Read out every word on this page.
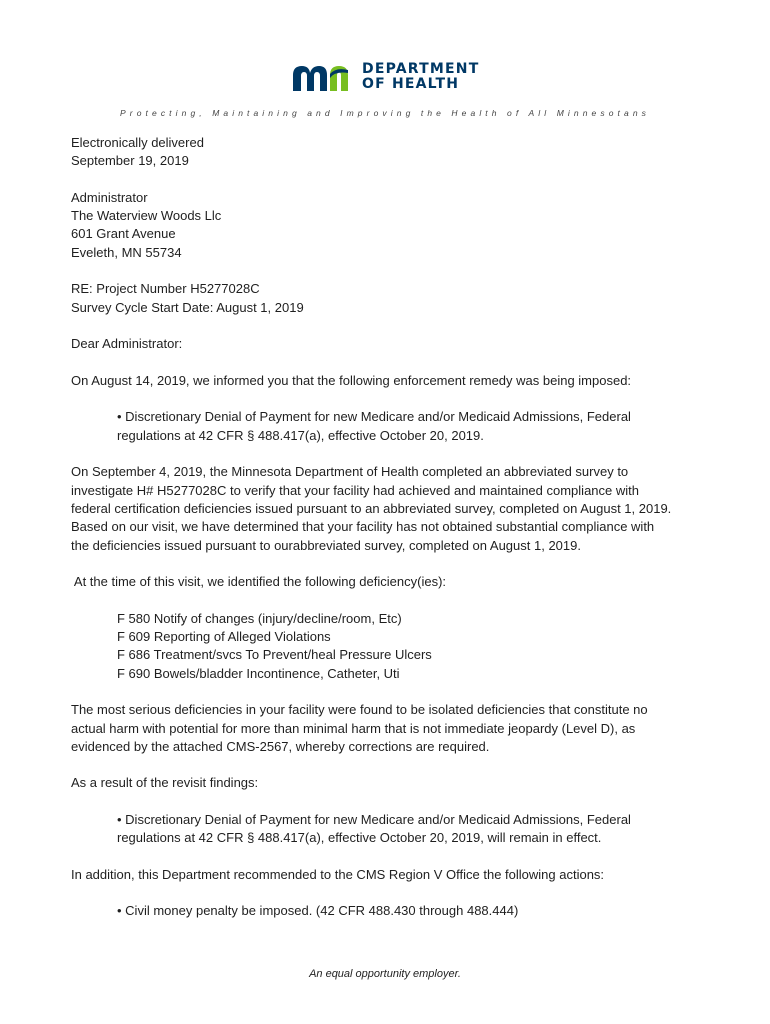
DEPARTMENT
OF HEALTH
Protecting, Maintaining and Improving the Health of All Minnesotans

Electronically delivered
September 19, 2019

Administrator
The Waterview Woods Llc
601 Grant Avenue
Eveleth, MN 55734

RE: Project Number H5277028C
Survey Cycle Start Date: August 1, 2019

Dear Administrator:

On August 14, 2019, we informed you that the following enforcement remedy was being imposed:

• Discretionary Denial of Payment for new Medicare and/or Medicaid Admissions, Federal
regulations at 42 CFR § 488.417(a), effective October 20, 2019.

On September 4, 2019, the Minnesota Department of Health completed an abbreviated survey to
investigate H# H5277028C to verify that your facility had achieved and maintained compliance with
federal certification deficiencies issued pursuant to an abbreviated survey, completed on August 1, 2019.
Based on our visit, we have determined that your facility has not obtained substantial compliance with
the deficiencies issued pursuant to ourabbreviated survey, completed on August 1, 2019.

At the time of this visit, we identified the following deficiency(ies):

F 580 Notify of changes (injury/decline/room, Etc)
F 609 Reporting of Alleged Violations
F 686 Treatment/svcs To Prevent/heal Pressure Ulcers
F 690 Bowels/bladder Incontinence, Catheter, Uti

The most serious deficiencies in your facility were found to be isolated deficiencies that constitute no
actual harm with potential for more than minimal harm that is not immediate jeopardy (Level D), as
evidenced by the attached CMS-2567, whereby corrections are required.

As a result of the revisit findings:

• Discretionary Denial of Payment for new Medicare and/or Medicaid Admissions, Federal
regulations at 42 CFR § 488.417(a), effective October 20, 2019, will remain in effect.

In addition, this Department recommended to the CMS Region V Office the following actions:

• Civil money penalty be imposed. (42 CFR 488.430 through 488.444)

An equal opportunity employer.
